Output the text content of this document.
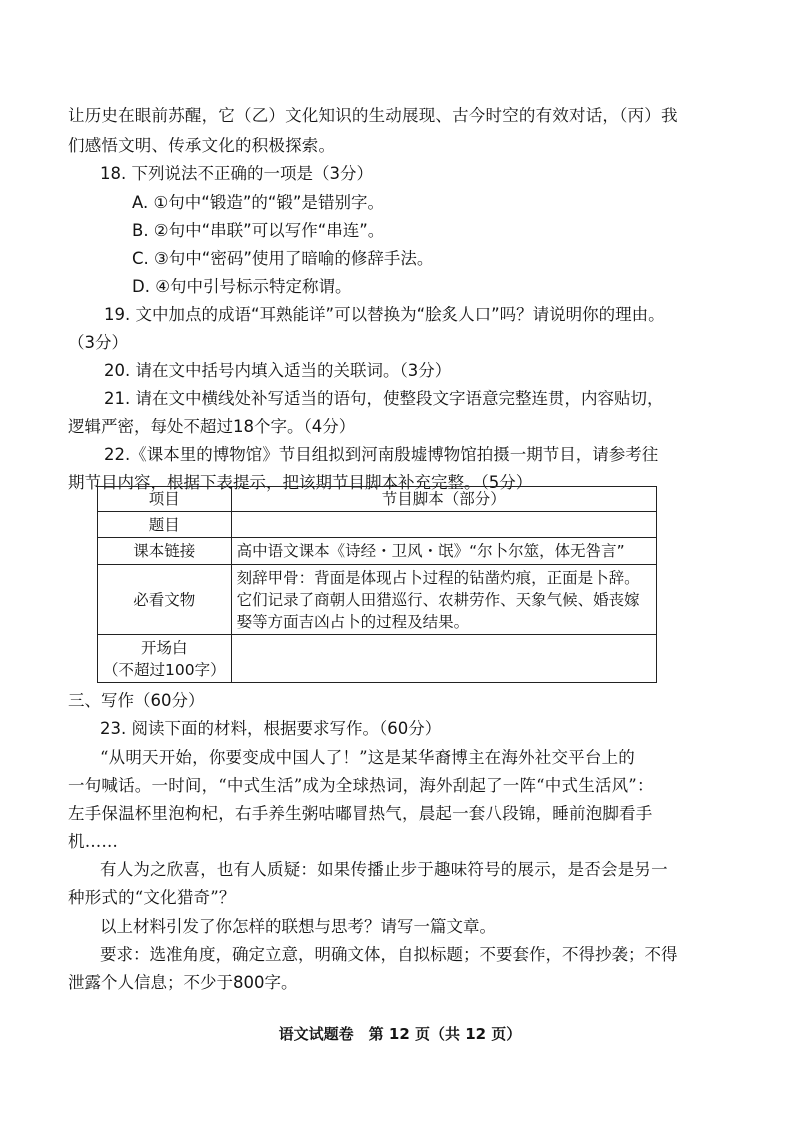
让历史在眼前苏醒，它（乙）文化知识的生动展现、古今时空的有效对话，（丙）我
们感悟文明、传承文化的积极探索。
18. 下列说法不正确的一项是（3分）
A. ①句中“锻造”的“锻”是错别字。
B. ②句中“串联”可以写作“串连”。
C. ③句中“密码”使用了暗喻的修辞手法。
D. ④句中引号标示特定称谓。
19. 文中加点的成语“耳熟能详”可以替换为“脍炙人口”吗？请说明你的理由。
（3分）
20. 请在文中括号内填入适当的关联词。（3分）
21. 请在文中横线处补写适当的语句，使整段文字语意完整连贯，内容贴切，
逻辑严密，每处不超过18个字。（4分）
22.《课本里的博物馆》节目组拟到河南殷墟博物馆拍摄一期节目，请参考往
期节目内容，根据下表提示，把该期节目脚本补充完整。（5分）
项目	节目脚本（部分）
题目	
课本链接	高中语文课本《诗经・卫风・氓》“尔卜尔筮，体无咎言”
必看文物	刻辞甲骨：背面是体现占卜过程的钻凿灼痕，正面是卜辞。
它们记录了商朝人田猎巡行、农耕劳作、天象气候、婚丧嫁
娶等方面吉凶占卜的过程及结果。

开场白
（不超过100字）	

三、写作（60分）
23. 阅读下面的材料，根据要求写作。（60分）
“从明天开始，你要变成中国人了！”这是某华裔博主在海外社交平台上的
一句喊话。一时间，“中式生活”成为全球热词，海外刮起了一阵“中式生活风”：
左手保温杯里泡枸杞，右手养生粥咕嘟冒热气，晨起一套八段锦，睡前泡脚看手
机……
有人为之欣喜，也有人质疑：如果传播止步于趣味符号的展示，是否会是另一
种形式的“文化猎奇”？
以上材料引发了你怎样的联想与思考？请写一篇文章。
要求：选准角度，确定立意，明确文体，自拟标题；不要套作，不得抄袭；不得
泄露个人信息；不少于800字。
语文试题卷　第 12 页（共 12 页）
